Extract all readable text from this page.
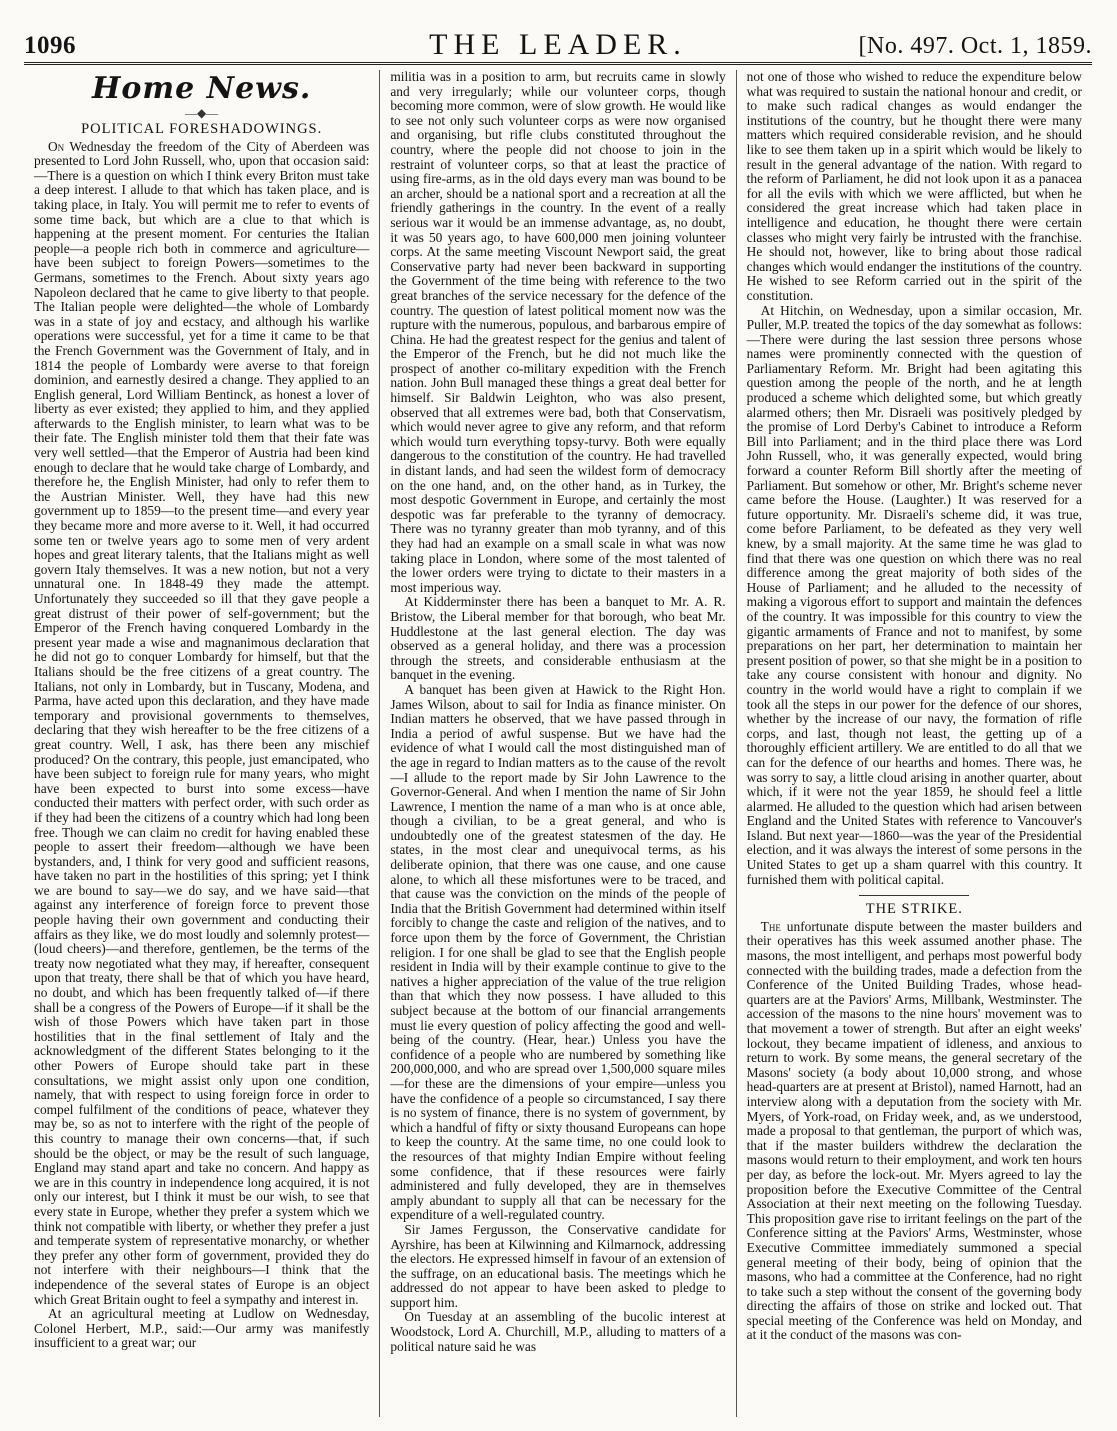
1096	THE LEADER.	[No. 497. Oct. 1, 1859.
Home News.
—◆—
POLITICAL FORESHADOWINGS.

On Wednesday the freedom of the City of Aberdeen was presented to Lord John Russell, who, upon that occasion said:—There is a question on which I think every Briton must take a deep interest. I allude to that which has taken place, and is taking place, in Italy. You will permit me to refer to events of some time back, but which are a clue to that which is happening at the present moment. For centuries the Italian people—a people rich both in commerce and agriculture—have been subject to foreign Powers—sometimes to the Germans, sometimes to the French. About sixty years ago Napoleon declared that he came to give liberty to that people. The Italian people were delighted—the whole of Lombardy was in a state of joy and ecstacy, and although his warlike operations were successful, yet for a time it came to be that the French Government was the Government of Italy, and in 1814 the people of Lombardy were averse to that foreign dominion, and earnestly desired a change. They applied to an English general, Lord William Bentinck, as honest a lover of liberty as ever existed; they applied to him, and they applied afterwards to the English minister, to learn what was to be their fate. The English minister told them that their fate was very well settled—that the Emperor of Austria had been kind enough to declare that he would take charge of Lombardy, and therefore he, the English Minister, had only to refer them to the Austrian Minister. Well, they have had this new government up to 1859—to the present time—and every year they became more and more averse to it. Well, it had occurred some ten or twelve years ago to some men of very ardent hopes and great literary talents, that the Italians might as well govern Italy themselves. It was a new notion, but not a very unnatural one. In 1848-49 they made the attempt. Unfortunately they succeeded so ill that they gave people a great distrust of their power of self-government; but the Emperor of the French having conquered Lombardy in the present year made a wise and magnanimous declaration that he did not go to conquer Lombardy for himself, but that the Italians should be the free citizens of a great country. The Italians, not only in Lombardy, but in Tuscany, Modena, and Parma, have acted upon this declaration, and they have made temporary and provisional governments to themselves, declaring that they wish hereafter to be the free citizens of a great country. Well, I ask, has there been any mischief produced? On the contrary, this people, just emancipated, who have been subject to foreign rule for many years, who might have been expected to burst into some excess—have conducted their matters with perfect order, with such order as if they had been the citizens of a country which had long been free. Though we can claim no credit for having enabled these people to assert their freedom—although we have been bystanders, and, I think for very good and sufficient reasons, have taken no part in the hostilities of this spring; yet I think we are bound to say—we do say, and we have said—that against any interference of foreign force to prevent those people having their own government and conducting their affairs as they like, we do most loudly and solemnly protest—(loud cheers)—and therefore, gentlemen, be the terms of the treaty now negotiated what they may, if hereafter, consequent upon that treaty, there shall be that of which you have heard, no doubt, and which has been frequently talked of—if there shall be a congress of the Powers of Europe—if it shall be the wish of those Powers which have taken part in those hostilities that in the final settlement of Italy and the acknowledgment of the different States belonging to it the other Powers of Europe should take part in these consultations, we might assist only upon one condition, namely, that with respect to using foreign force in order to compel fulfilment of the conditions of peace, whatever they may be, so as not to interfere with the right of the people of this country to manage their own concerns—that, if such should be the object, or may be the result of such language, England may stand apart and take no concern. And happy as we are in this country in independence long acquired, it is not only our interest, but I think it must be our wish, to see that every state in Europe, whether they prefer a system which we think not compatible with liberty, or whether they prefer a just and temperate system of representative monarchy, or whether they prefer any other form of government, provided they do not interfere with their neighbours—I think that the independence of the several states of Europe is an object which Great Britain ought to feel a sympathy and interest in.

At an agricultural meeting at Ludlow on Wednesday, Colonel Herbert, M.P., said:—Our army was manifestly insufficient to a great war; our

militia was in a position to arm, but recruits came in slowly and very irregularly; while our volunteer corps, though becoming more common, were of slow growth. He would like to see not only such volunteer corps as were now organised and organising, but rifle clubs constituted throughout the country, where the people did not choose to join in the restraint of volunteer corps, so that at least the practice of using fire-arms, as in the old days every man was bound to be an archer, should be a national sport and a recreation at all the friendly gatherings in the country. In the event of a really serious war it would be an immense advantage, as, no doubt, it was 50 years ago, to have 600,000 men joining volunteer corps. At the same meeting Viscount Newport said, the great Conservative party had never been backward in supporting the Government of the time being with reference to the two great branches of the service necessary for the defence of the country. The question of latest political moment now was the rupture with the numerous, populous, and barbarous empire of China. He had the greatest respect for the genius and talent of the Emperor of the French, but he did not much like the prospect of another co-military expedition with the French nation. John Bull managed these things a great deal better for himself. Sir Baldwin Leighton, who was also present, observed that all extremes were bad, both that Conservatism, which would never agree to give any reform, and that reform which would turn everything topsy-turvy. Both were equally dangerous to the constitution of the country. He had travelled in distant lands, and had seen the wildest form of democracy on the one hand, and, on the other hand, as in Turkey, the most despotic Government in Europe, and certainly the most despotic was far preferable to the tyranny of democracy. There was no tyranny greater than mob tyranny, and of this they had had an example on a small scale in what was now taking place in London, where some of the most talented of the lower orders were trying to dictate to their masters in a most imperious way.

At Kidderminster there has been a banquet to Mr. A. R. Bristow, the Liberal member for that borough, who beat Mr. Huddlestone at the last general election. The day was observed as a general holiday, and there was a procession through the streets, and considerable enthusiasm at the banquet in the evening.

A banquet has been given at Hawick to the Right Hon. James Wilson, about to sail for India as finance minister. On Indian matters he observed, that we have passed through in India a period of awful suspense. But we have had the evidence of what I would call the most distinguished man of the age in regard to Indian matters as to the cause of the revolt—I allude to the report made by Sir John Lawrence to the Governor-General. And when I mention the name of Sir John Lawrence, I mention the name of a man who is at once able, though a civilian, to be a great general, and who is undoubtedly one of the greatest statesmen of the day. He states, in the most clear and unequivocal terms, as his deliberate opinion, that there was one cause, and one cause alone, to which all these misfortunes were to be traced, and that cause was the conviction on the minds of the people of India that the British Government had determined within itself forcibly to change the caste and religion of the natives, and to force upon them by the force of Government, the Christian religion. I for one shall be glad to see that the English people resident in India will by their example continue to give to the natives a higher appreciation of the value of the true religion than that which they now possess. I have alluded to this subject because at the bottom of our financial arrangements must lie every question of policy affecting the good and well-being of the country. (Hear, hear.) Unless you have the confidence of a people who are numbered by something like 200,000,000, and who are spread over 1,500,000 square miles—for these are the dimensions of your empire—unless you have the confidence of a people so circumstanced, I say there is no system of finance, there is no system of government, by which a handful of fifty or sixty thousand Europeans can hope to keep the country. At the same time, no one could look to the resources of that mighty Indian Empire without feeling some confidence, that if these resources were fairly administered and fully developed, they are in themselves amply abundant to supply all that can be necessary for the expenditure of a well-regulated country.

Sir James Fergusson, the Conservative candidate for Ayrshire, has been at Kilwinning and Kilmarnock, addressing the electors. He expressed himself in favour of an extension of the suffrage, on an educational basis. The meetings which he addressed do not appear to have been asked to pledge to support him.

On Tuesday at an assembling of the bucolic interest at Woodstock, Lord A. Churchill, M.P., alluding to matters of a political nature said he was

not one of those who wished to reduce the expenditure below what was required to sustain the national honour and credit, or to make such radical changes as would endanger the institutions of the country, but he thought there were many matters which required considerable revision, and he should like to see them taken up in a spirit which would be likely to result in the general advantage of the nation. With regard to the reform of Parliament, he did not look upon it as a panacea for all the evils with which we were afflicted, but when he considered the great increase which had taken place in intelligence and education, he thought there were certain classes who might very fairly be intrusted with the franchise. He should not, however, like to bring about those radical changes which would endanger the institutions of the country. He wished to see Reform carried out in the spirit of the constitution.

At Hitchin, on Wednesday, upon a similar occasion, Mr. Puller, M.P. treated the topics of the day somewhat as follows:—There were during the last session three persons whose names were prominently connected with the question of Parliamentary Reform. Mr. Bright had been agitating this question among the people of the north, and he at length produced a scheme which delighted some, but which greatly alarmed others; then Mr. Disraeli was positively pledged by the promise of Lord Derby's Cabinet to introduce a Reform Bill into Parliament; and in the third place there was Lord John Russell, who, it was generally expected, would bring forward a counter Reform Bill shortly after the meeting of Parliament. But somehow or other, Mr. Bright's scheme never came before the House. (Laughter.) It was reserved for a future opportunity. Mr. Disraeli's scheme did, it was true, come before Parliament, to be defeated as they very well knew, by a small majority. At the same time he was glad to find that there was one question on which there was no real difference among the great majority of both sides of the House of Parliament; and he alluded to the necessity of making a vigorous effort to support and maintain the defences of the country. It was impossible for this country to view the gigantic armaments of France and not to manifest, by some preparations on her part, her determination to maintain her present position of power, so that she might be in a position to take any course consistent with honour and dignity. No country in the world would have a right to complain if we took all the steps in our power for the defence of our shores, whether by the increase of our navy, the formation of rifle corps, and last, though not least, the getting up of a thoroughly efficient artillery. We are entitled to do all that we can for the defence of our hearths and homes. There was, he was sorry to say, a little cloud arising in another quarter, about which, if it were not the year 1859, he should feel a little alarmed. He alluded to the question which had arisen between England and the United States with reference to Vancouver's Island. But next year—1860—was the year of the Presidential election, and it was always the interest of some persons in the United States to get up a sham quarrel with this country. It furnished them with political capital.

THE STRIKE.

The unfortunate dispute between the master builders and their operatives has this week assumed another phase. The masons, the most intelligent, and perhaps most powerful body connected with the building trades, made a defection from the Conference of the United Building Trades, whose head-quarters are at the Paviors' Arms, Millbank, Westminster. The accession of the masons to the nine hours' movement was to that movement a tower of strength. But after an eight weeks' lockout, they became impatient of idleness, and anxious to return to work. By some means, the general secretary of the Masons' society (a body about 10,000 strong, and whose head-quarters are at present at Bristol), named Harnott, had an interview along with a deputation from the society with Mr. Myers, of York-road, on Friday week, and, as we understood, made a proposal to that gentleman, the purport of which was, that if the master builders withdrew the declaration the masons would return to their employment, and work ten hours per day, as before the lock-out. Mr. Myers agreed to lay the proposition before the Executive Committee of the Central Association at their next meeting on the following Tuesday. This proposition gave rise to irritant feelings on the part of the Conference sitting at the Paviors' Arms, Westminster, whose Executive Committee immediately summoned a special general meeting of their body, being of opinion that the masons, who had a committee at the Conference, had no right to take such a step without the consent of the governing body directing the affairs of those on strike and locked out. That special meeting of the Conference was held on Monday, and at it the conduct of the masons was con-
